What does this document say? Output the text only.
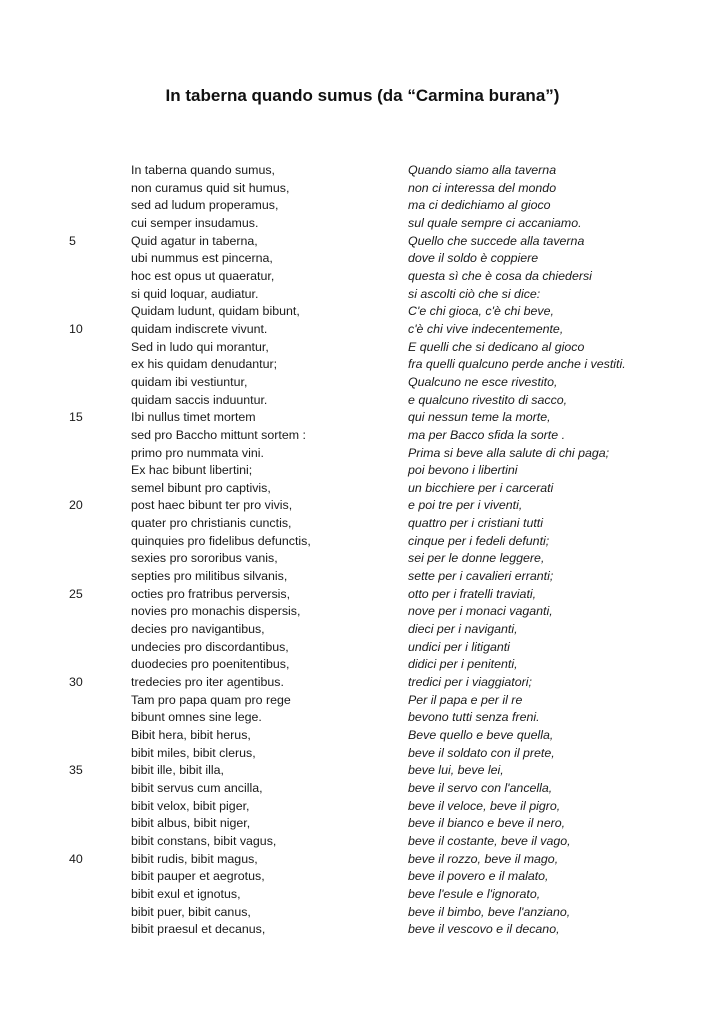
In taberna quando sumus (da “Carmina burana”)
In taberna quando sumus,	Quando siamo alla taverna
non curamus quid sit humus,	non ci interessa del mondo
sed ad ludum properamus,	ma ci dedichiamo al gioco
cui semper insudamus.	sul quale sempre ci accaniamo.
5	Quid agatur in taberna,	Quello che succede alla taverna
ubi nummus est pincerna,	dove il soldo è coppiere
hoc est opus ut quaeratur,	questa sì che è cosa da chiedersi
si quid loquar, audiatur.	si ascolti ciò che si dice:
Quidam ludunt, quidam bibunt,	C'e chi gioca, c'è chi beve,
10	quidam indiscrete vivunt.	c'è chi vive indecentemente,
Sed in ludo qui morantur,	E quelli che si dedicano al gioco
ex his quidam denudantur;	fra quelli qualcuno perde anche i vestiti.
quidam ibi vestiuntur,	Qualcuno ne esce rivestito,
quidam saccis induuntur.	e qualcuno rivestito di sacco,
15	Ibi nullus timet mortem	qui nessun teme la morte,
sed pro Baccho mittunt sortem :	ma per Bacco sfida la sorte .
primo pro nummata vini.	Prima si beve alla salute di chi paga;
Ex hac bibunt libertini;	poi bevono i libertini
semel bibunt pro captivis,	un bicchiere per i carcerati
20	post haec bibunt ter pro vivis,	e poi tre per i viventi,
quater pro christianis cunctis,	quattro per i cristiani tutti
quinquies pro fidelibus defunctis,	cinque per i fedeli defunti;
sexies pro sororibus vanis,	sei per le donne leggere,
septies pro militibus silvanis,	sette per i cavalieri erranti;
25	octies pro fratribus perversis,	otto per i fratelli traviati,
novies pro monachis dispersis,	nove per i monaci vaganti,
decies pro navigantibus,	dieci per i naviganti,
undecies pro discordantibus,	undici per i litiganti
duodecies pro poenitentibus,	didici per i penitenti,
30	tredecies pro iter agentibus.	tredici per i viaggiatori;
Tam pro papa quam pro rege	Per il papa e per il re
bibunt omnes sine lege.	bevono tutti senza freni.
Bibit hera, bibit herus,	Beve quello e beve quella,
bibit miles, bibit clerus,	beve il soldato con il prete,
35	bibit ille, bibit illa,	beve lui, beve lei,
bibit servus cum ancilla,	beve il servo con l'ancella,
bibit velox, bibit piger,	beve il veloce, beve il pigro,
bibit albus, bibit niger,	beve il bianco e beve il nero,
bibit constans, bibit vagus,	beve il costante, beve il vago,
40	bibit rudis, bibit magus,	beve il rozzo, beve il mago,
bibit pauper et aegrotus,	beve il povero e il malato,
bibit exul et ignotus,	beve l'esule e l'ignorato,
bibit puer, bibit canus,	beve il bimbo, beve l'anziano,
bibit praesul et decanus,	beve il vescovo e il decano,
